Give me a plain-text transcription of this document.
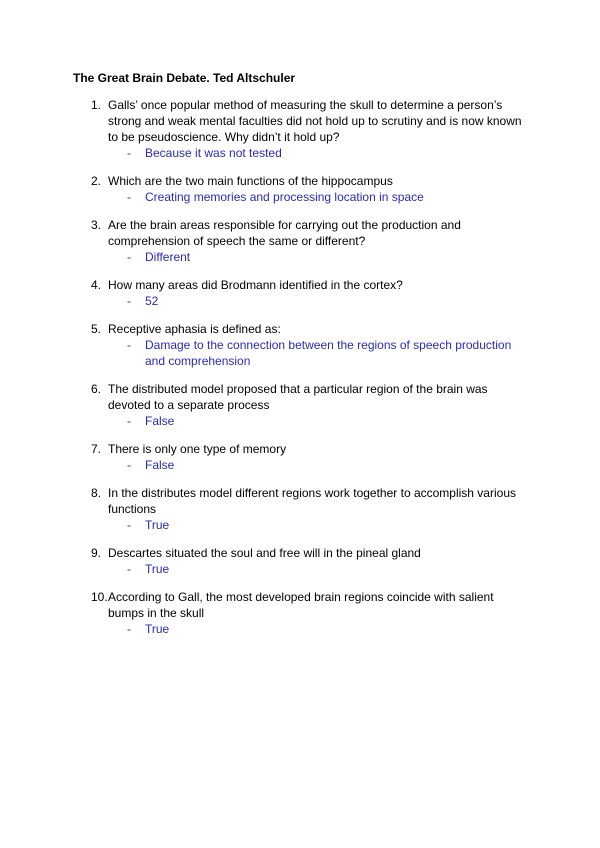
The Great Brain Debate. Ted Altschuler
1. Galls’ once popular method of measuring the skull to determine a person’s strong and weak mental faculties did not hold up to scrutiny and is now known to be pseudoscience. Why didn’t it hold up?
- Because it was not tested
2. Which are the two main functions of the hippocampus
- Creating memories and processing location in space
3. Are the brain areas responsible for carrying out the production and comprehension of speech the same or different?
- Different
4. How many areas did Brodmann identified in the cortex?
- 52
5. Receptive aphasia is defined as:
- Damage to the connection between the regions of speech production and comprehension
6. The distributed model proposed that a particular region of the brain was devoted to a separate process
- False
7. There is only one type of memory
- False
8. In the distributes model different regions work together to accomplish various functions
- True
9. Descartes situated the soul and free will in the pineal gland
- True
10. According to Gall, the most developed brain regions coincide with salient bumps in the skull
- True
